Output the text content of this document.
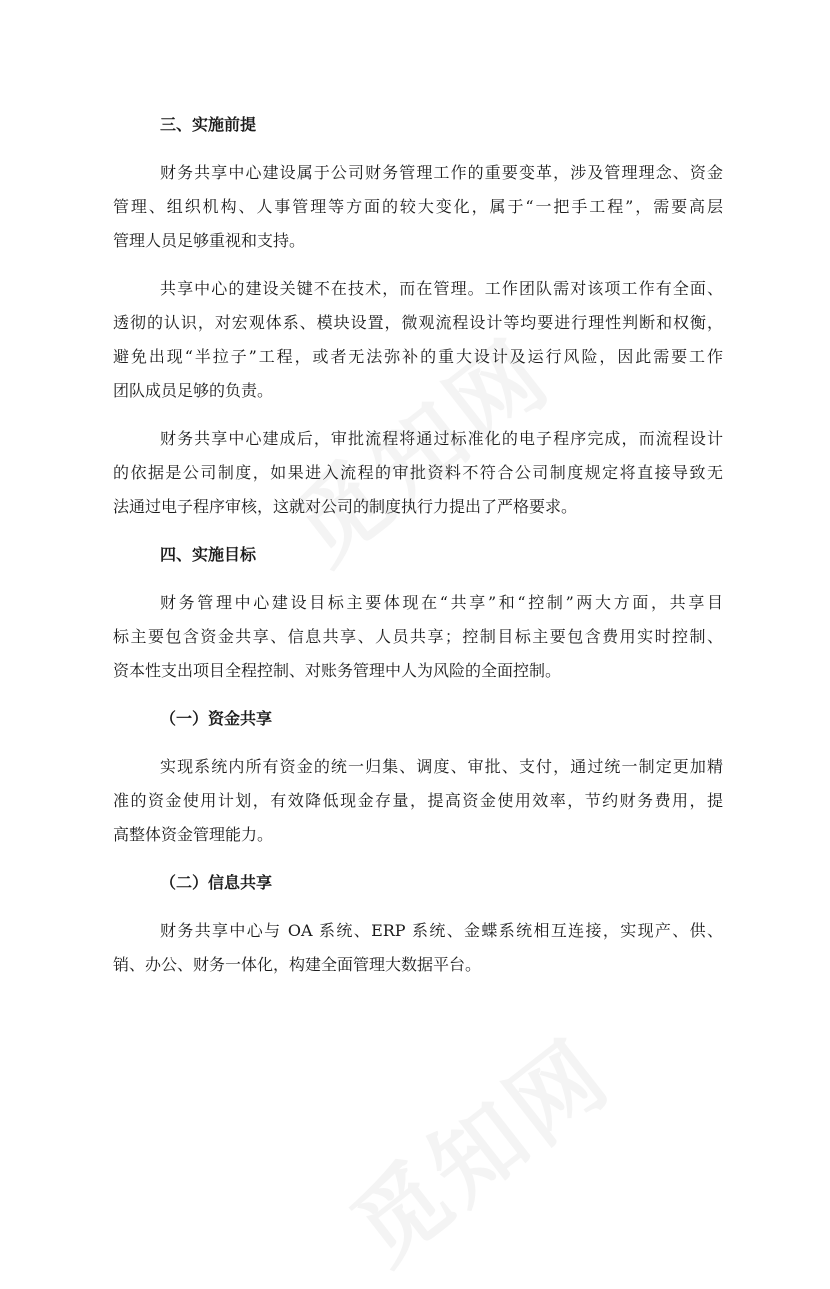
三、实施前提
财务共享中心建设属于公司财务管理工作的重要变革，涉及管理理念、资金
管理、组织机构、人事管理等方面的较大变化，属于“一把手工程”，需要高层
管理人员足够重视和支持。
共享中心的建设关键不在技术，而在管理。工作团队需对该项工作有全面、
透彻的认识，对宏观体系、模块设置，微观流程设计等均要进行理性判断和权衡，
避免出现“半拉子”工程，或者无法弥补的重大设计及运行风险，因此需要工作
团队成员足够的负责。
财务共享中心建成后，审批流程将通过标准化的电子程序完成，而流程设计
的依据是公司制度，如果进入流程的审批资料不符合公司制度规定将直接导致无
法通过电子程序审核，这就对公司的制度执行力提出了严格要求。
四、实施目标
财务管理中心建设目标主要体现在“共享”和“控制”两大方面，共享目
标主要包含资金共享、信息共享、人员共享；控制目标主要包含费用实时控制、
资本性支出项目全程控制、对账务管理中人为风险的全面控制。
（一）资金共享
实现系统内所有资金的统一归集、调度、审批、支付，通过统一制定更加精
准的资金使用计划，有效降低现金存量，提高资金使用效率，节约财务费用，提
高整体资金管理能力。
（二）信息共享
财务共享中心与 OA 系统、ERP 系统、金蝶系统相互连接，实现产、供、
销、办公、财务一体化，构建全面管理大数据平台。
